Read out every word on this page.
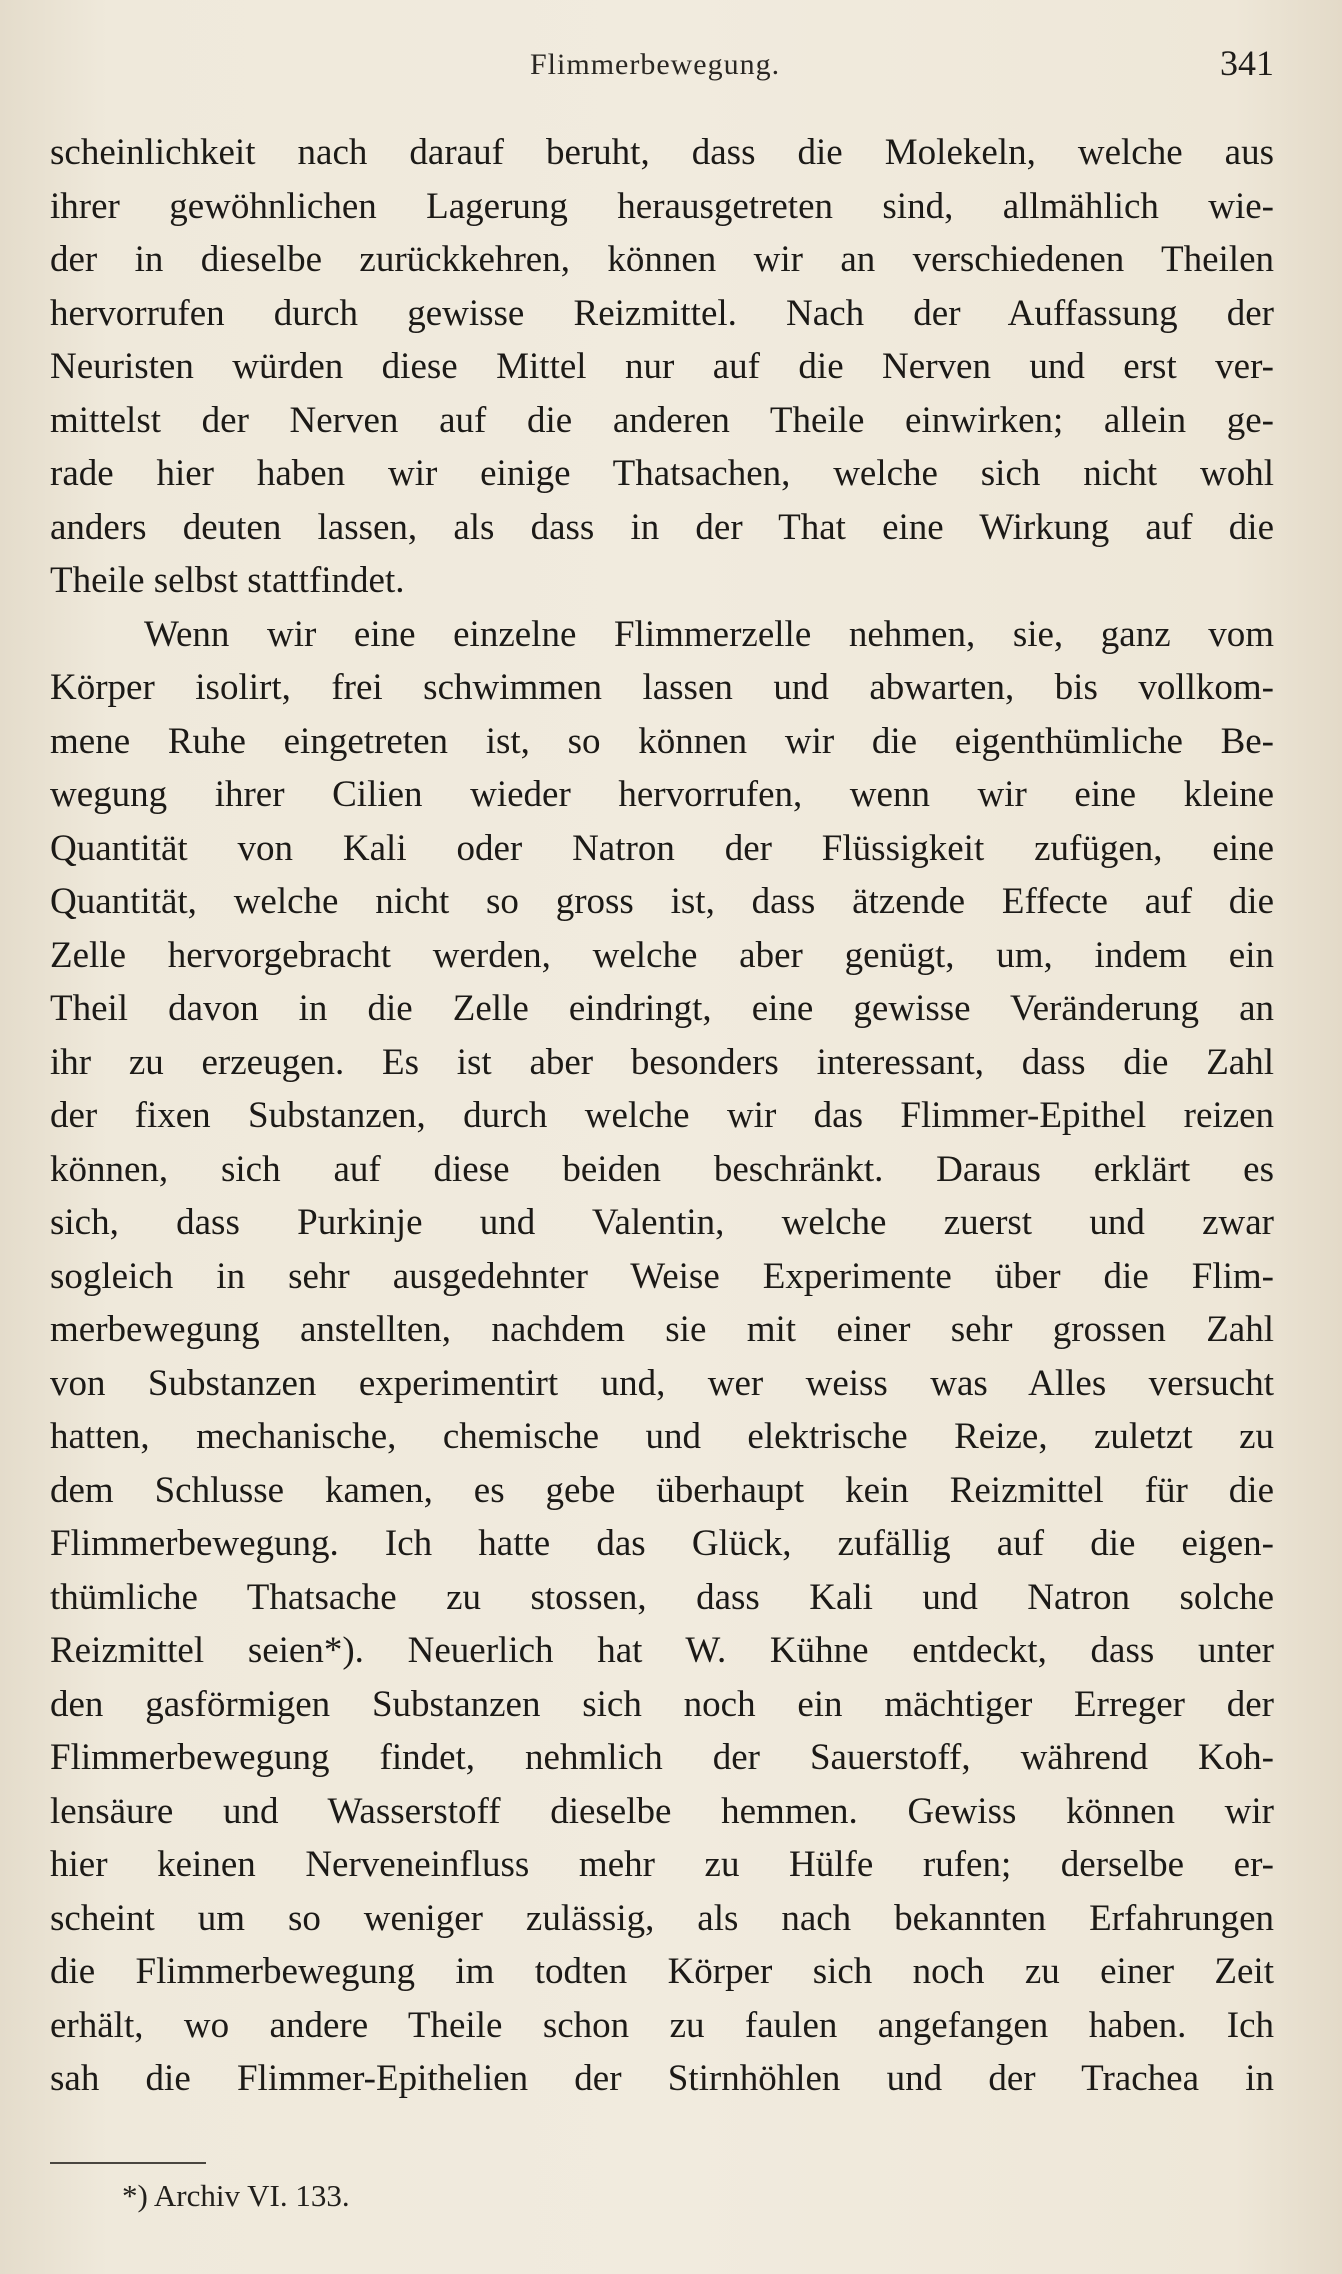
Flimmerbewegung.	341
scheinlichkeit nach darauf beruht, dass die Molekeln, welche aus
ihrer gewöhnlichen Lagerung herausgetreten sind, allmählich wie-
der in dieselbe zurückkehren, können wir an verschiedenen Theilen
hervorrufen durch gewisse Reizmittel. Nach der Auffassung der
Neuristen würden diese Mittel nur auf die Nerven und erst ver-
mittelst der Nerven auf die anderen Theile einwirken; allein ge-
rade hier haben wir einige Thatsachen, welche sich nicht wohl
anders deuten lassen, als dass in der That eine Wirkung auf die
Theile selbst stattfindet.
Wenn wir eine einzelne Flimmerzelle nehmen, sie, ganz vom
Körper isolirt, frei schwimmen lassen und abwarten, bis vollkom-
mene Ruhe eingetreten ist, so können wir die eigenthümliche Be-
wegung ihrer Cilien wieder hervorrufen, wenn wir eine kleine
Quantität von Kali oder Natron der Flüssigkeit zufügen, eine
Quantität, welche nicht so gross ist, dass ätzende Effecte auf die
Zelle hervorgebracht werden, welche aber genügt, um, indem ein
Theil davon in die Zelle eindringt, eine gewisse Veränderung an
ihr zu erzeugen. Es ist aber besonders interessant, dass die Zahl
der fixen Substanzen, durch welche wir das Flimmer-Epithel reizen
können, sich auf diese beiden beschränkt. Daraus erklärt es
sich, dass Purkinje und Valentin, welche zuerst und zwar
sogleich in sehr ausgedehnter Weise Experimente über die Flim-
merbewegung anstellten, nachdem sie mit einer sehr grossen Zahl
von Substanzen experimentirt und, wer weiss was Alles versucht
hatten, mechanische, chemische und elektrische Reize, zuletzt zu
dem Schlusse kamen, es gebe überhaupt kein Reizmittel für die
Flimmerbewegung. Ich hatte das Glück, zufällig auf die eigen-
thümliche Thatsache zu stossen, dass Kali und Natron solche
Reizmittel seien*). Neuerlich hat W. Kühne entdeckt, dass unter
den gasförmigen Substanzen sich noch ein mächtiger Erreger der
Flimmerbewegung findet, nehmlich der Sauerstoff, während Koh-
lensäure und Wasserstoff dieselbe hemmen. Gewiss können wir
hier keinen Nerveneinfluss mehr zu Hülfe rufen; derselbe er-
scheint um so weniger zulässig, als nach bekannten Erfahrungen
die Flimmerbewegung im todten Körper sich noch zu einer Zeit
erhält, wo andere Theile schon zu faulen angefangen haben. Ich
sah die Flimmer-Epithelien der Stirnhöhlen und der Trachea in
*) Archiv VI. 133.
